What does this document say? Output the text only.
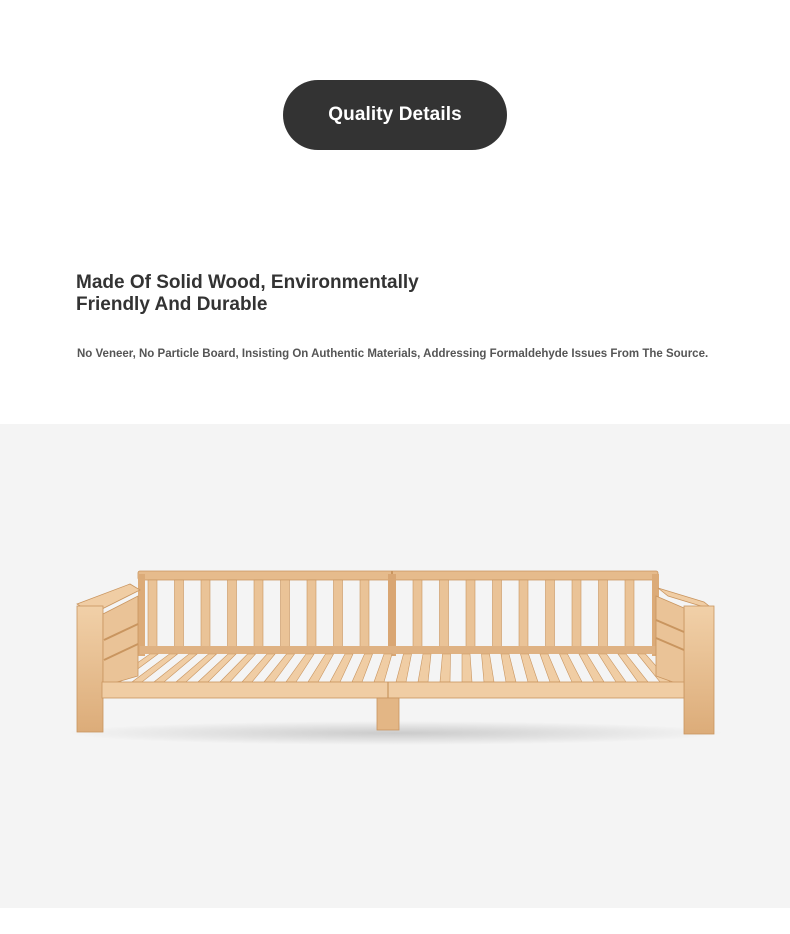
Quality Details
Made Of Solid Wood, Environmentally
Friendly And Durable
No Veneer, No Particle Board, Insisting On Authentic Materials, Addressing Formaldehyde Issues From The Source.
